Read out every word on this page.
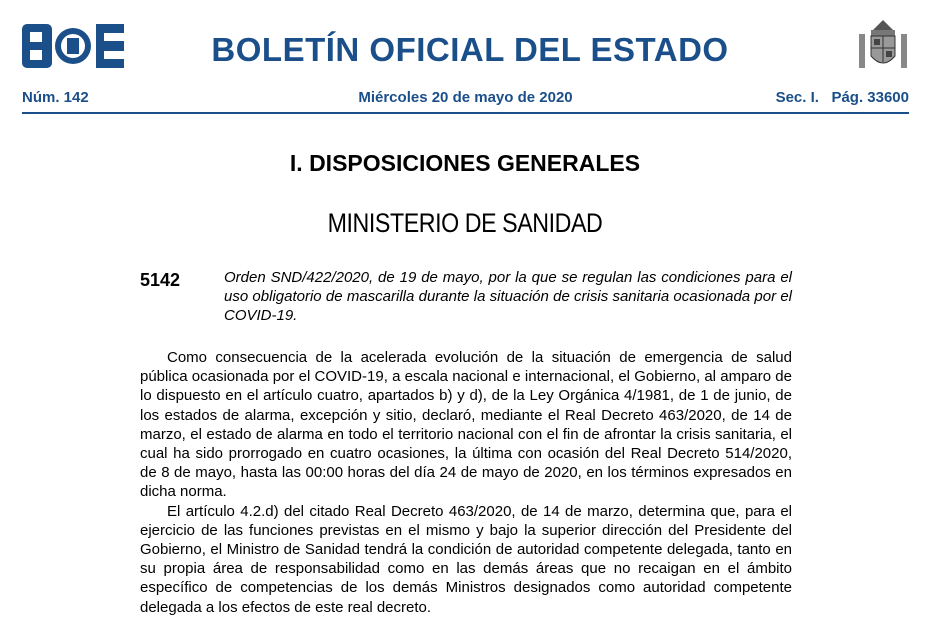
BOLETÍN OFICIAL DEL ESTADO
Núm. 142	Miércoles 20 de mayo de 2020	Sec. I.   Pág. 33600
I. DISPOSICIONES GENERALES
MINISTERIO DE SANIDAD
5142	Orden SND/422/2020, de 19 de mayo, por la que se regulan las condiciones para el uso obligatorio de mascarilla durante la situación de crisis sanitaria ocasionada por el COVID-19.

Como consecuencia de la acelerada evolución de la situación de emergencia de salud pública ocasionada por el COVID-19, a escala nacional e internacional, el Gobierno, al amparo de lo dispuesto en el artículo cuatro, apartados b) y d), de la Ley Orgánica 4/1981, de 1 de junio, de los estados de alarma, excepción y sitio, declaró, mediante el Real Decreto 463/2020, de 14 de marzo, el estado de alarma en todo el territorio nacional con el fin de afrontar la crisis sanitaria, el cual ha sido prorrogado en cuatro ocasiones, la última con ocasión del Real Decreto 514/2020, de 8 de mayo, hasta las 00:00 horas del día 24 de mayo de 2020, en los términos expresados en dicha norma.

El artículo 4.2.d) del citado Real Decreto 463/2020, de 14 de marzo, determina que, para el ejercicio de las funciones previstas en el mismo y bajo la superior dirección del Presidente del Gobierno, el Ministro de Sanidad tendrá la condición de autoridad competente delegada, tanto en su propia área de responsabilidad como en las demás áreas que no recaigan en el ámbito específico de competencias de los demás Ministros designados como autoridad competente delegada a los efectos de este real decreto.
